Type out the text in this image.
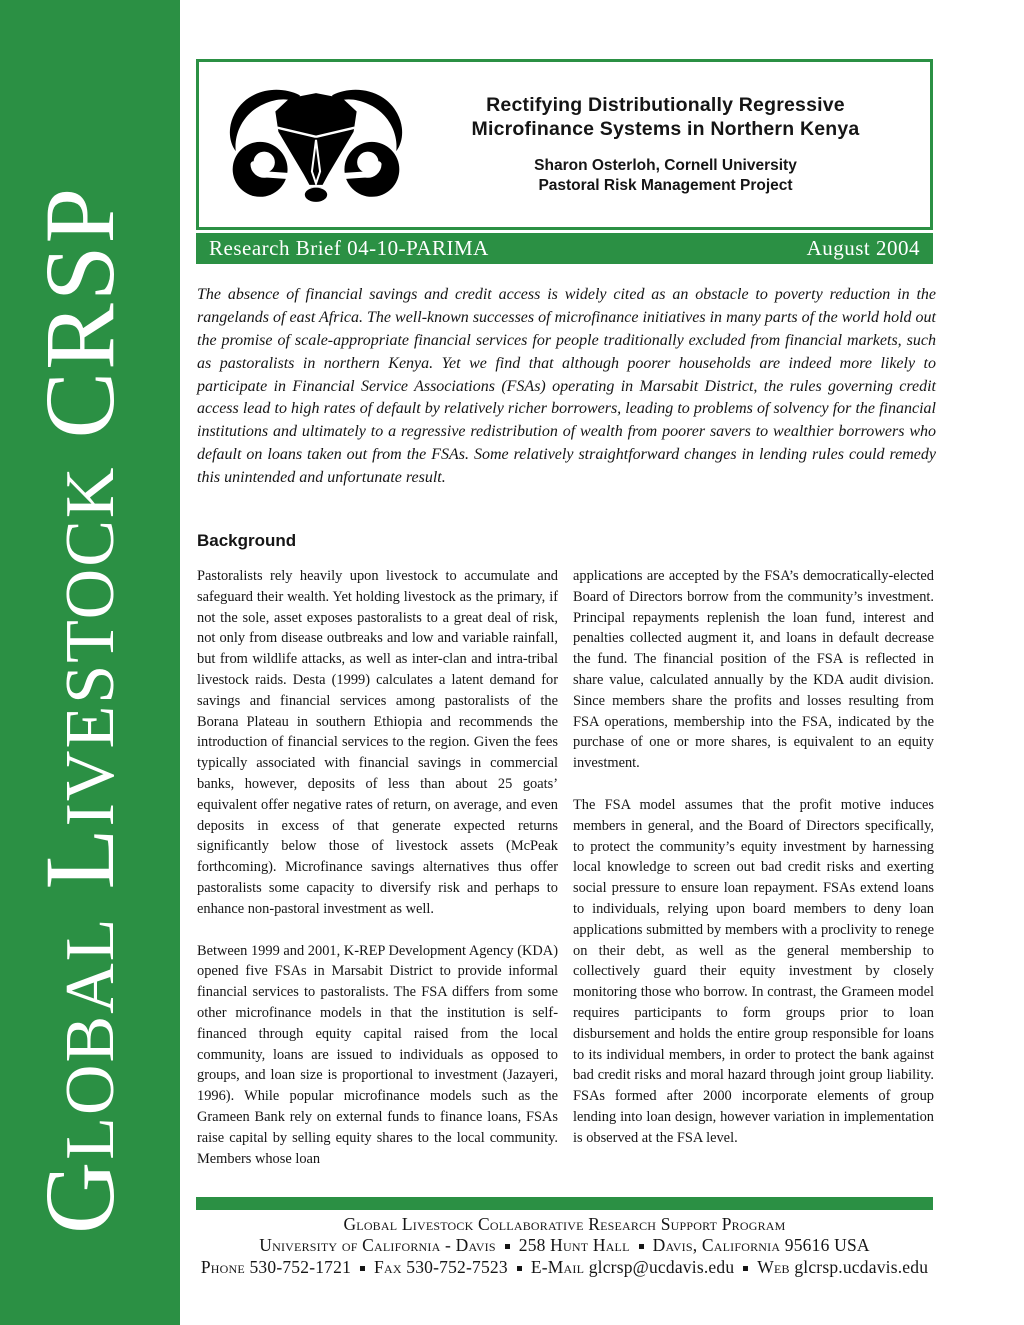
Global Livestock CRSP
Rectifying Distributionally Regressive
Microfinance Systems in Northern Kenya
Sharon Osterloh, Cornell University
Pastoral Risk Management Project
Research Brief 04-10-PARIMA	August 2004
The absence of financial savings and credit access is widely cited as an obstacle to poverty reduction in the rangelands of east Africa. The well-known successes of microfinance initiatives in many parts of the world hold out the promise of scale-appropriate financial services for people traditionally excluded from financial markets, such as pastoralists in northern Kenya. Yet we find that although poorer households are indeed more likely to participate in Financial Service Associations (FSAs) operating in Marsabit District, the rules governing credit access lead to high rates of default by relatively richer borrowers, leading to problems of solvency for the financial institutions and ultimately to a regressive redistribution of wealth from poorer savers to wealthier borrowers who default on loans taken out from the FSAs. Some relatively straightforward changes in lending rules could remedy this unintended and unfortunate result.
Background

Pastoralists rely heavily upon livestock to accumulate and safeguard their wealth. Yet holding livestock as the primary, if not the sole, asset exposes pastoralists to a great deal of risk, not only from disease outbreaks and low and variable rainfall, but from wildlife attacks, as well as inter-clan and intra-tribal livestock raids. Desta (1999) calculates a latent demand for savings and financial services among pastoralists of the Borana Plateau in southern Ethiopia and recommends the introduction of financial services to the region. Given the fees typically associated with financial savings in commercial banks, however, deposits of less than about 25 goats’ equivalent offer negative rates of return, on average, and even deposits in excess of that generate expected returns significantly below those of livestock assets (McPeak forthcoming). Microfinance savings alternatives thus offer pastoralists some capacity to diversify risk and perhaps to enhance non-pastoral investment as well.

Between 1999 and 2001, K-REP Development Agency (KDA) opened five FSAs in Marsabit District to provide informal financial services to pastoralists. The FSA differs from some other microfinance models in that the institution is self-financed through equity capital raised from the local community, loans are issued to individuals as opposed to groups, and loan size is proportional to investment (Jazayeri, 1996). While popular microfinance models such as the Grameen Bank rely on external funds to finance loans, FSAs raise capital by selling equity shares to the local community. Members whose loan

applications are accepted by the FSA’s democratically-elected Board of Directors borrow from the community’s investment. Principal repayments replenish the loan fund, interest and penalties collected augment it, and loans in default decrease the fund. The financial position of the FSA is reflected in share value, calculated annually by the KDA audit division. Since members share the profits and losses resulting from FSA operations, membership into the FSA, indicated by the purchase of one or more shares, is equivalent to an equity investment.

The FSA model assumes that the profit motive induces members in general, and the Board of Directors specifically, to protect the community’s equity investment by harnessing local knowledge to screen out bad credit risks and exerting social pressure to ensure loan repayment. FSAs extend loans to individuals, relying upon board members to deny loan applications submitted by members with a proclivity to renege on their debt, as well as the general membership to collectively guard their equity investment by closely monitoring those who borrow. In contrast, the Grameen model requires participants to form groups prior to loan disbursement and holds the entire group responsible for loans to its individual members, in order to protect the bank against bad credit risks and moral hazard through joint group liability. FSAs formed after 2000 incorporate elements of group lending into loan design, however variation in implementation is observed at the FSA level.

Global Livestock Collaborative Research Support Program
University of California - Davis 258 Hunt Hall Davis, California 95616 USA
Phone 530-752-1721 Fax 530-752-7523 E-Mail glcrsp@ucdavis.edu Web glcrsp.ucdavis.edu
